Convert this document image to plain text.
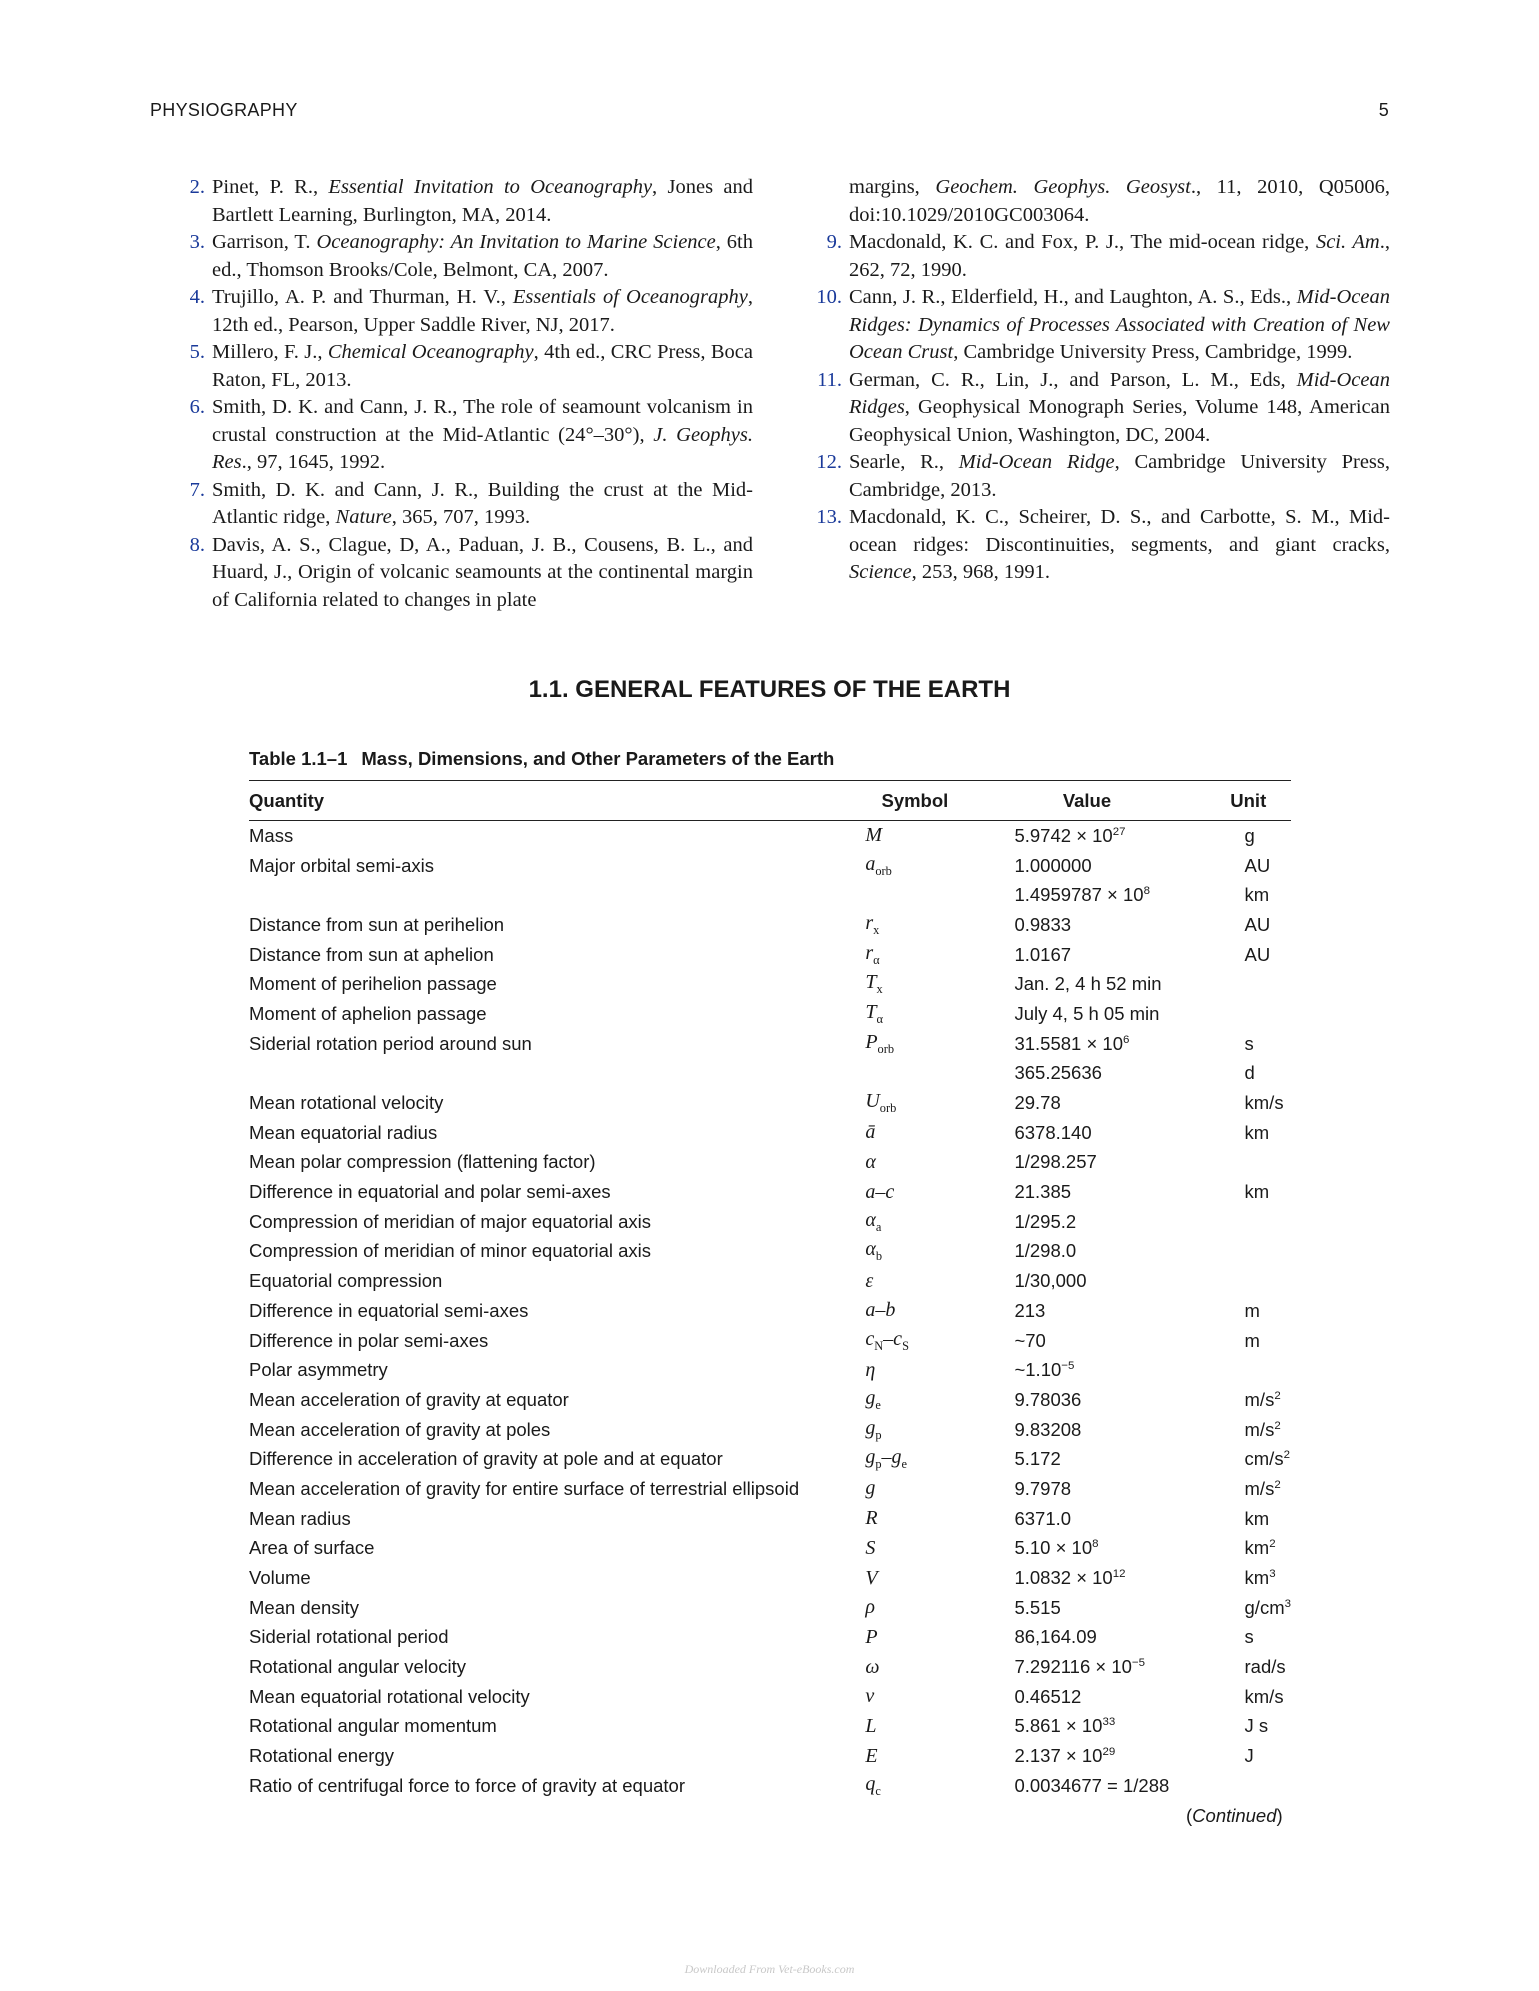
PHYSIOGRAPHY	5
2. Pinet, P. R., Essential Invitation to Oceanography, Jones and Bartlett Learning, Burlington, MA, 2014.
3. Garrison, T. Oceanography: An Invitation to Marine Science, 6th ed., Thomson Brooks/Cole, Belmont, CA, 2007.
4. Trujillo, A. P. and Thurman, H. V., Essentials of Oceanography, 12th ed., Pearson, Upper Saddle River, NJ, 2017.
5. Millero, F. J., Chemical Oceanography, 4th ed., CRC Press, Boca Raton, FL, 2013.
6. Smith, D. K. and Cann, J. R., The role of seamount volcanism in crustal construction at the Mid-Atlantic (24°–30°), J. Geophys. Res., 97, 1645, 1992.
7. Smith, D. K. and Cann, J. R., Building the crust at the Mid-Atlantic ridge, Nature, 365, 707, 1993.
8. Davis, A. S., Clague, D, A., Paduan, J. B., Cousens, B. L., and Huard, J., Origin of volcanic seamounts at the continental margin of California related to changes in plate
margins, Geochem. Geophys. Geosyst., 11, 2010, Q05006, doi:10.1029/2010GC003064.
9. Macdonald, K. C. and Fox, P. J., The mid-ocean ridge, Sci. Am., 262, 72, 1990.
10. Cann, J. R., Elderfield, H., and Laughton, A. S., Eds., Mid-Ocean Ridges: Dynamics of Processes Associated with Creation of New Ocean Crust, Cambridge University Press, Cambridge, 1999.
11. German, C. R., Lin, J., and Parson, L. M., Eds, Mid-Ocean Ridges, Geophysical Monograph Series, Volume 148, American Geophysical Union, Washington, DC, 2004.
12. Searle, R., Mid-Ocean Ridge, Cambridge University Press, Cambridge, 2013.
13. Macdonald, K. C., Scheirer, D. S., and Carbotte, S. M., Mid-ocean ridges: Discontinuities, segments, and giant cracks, Science, 253, 968, 1991.
1.1. GENERAL FEATURES OF THE EARTH
Table 1.1–1 Mass, Dimensions, and Other Parameters of the Earth
Quantity	Symbol	Value	Unit
Mass	M	$5.9742 \times 10^{27}$	g
Major orbital semi-axis	$a_{orb}$	1.000000	AU
		$1.4959787 \times 10^8$	km
Distance from sun at perihelion	$r_x$	0.9833	AU
Distance from sun at aphelion	$r_\alpha$	1.0167	AU
Moment of perihelion passage	$T_x$	Jan. 2, 4 h 52 min	
Moment of aphelion passage	$T_\alpha$	July 4, 5 h 05 min	
Siderial rotation period around sun	$P_{orb}$	$31.5581 \times 10^6$	s
		365.25636	d
Mean rotational velocity	$U_{orb}$	29.78	km/s
Mean equatorial radius	ā	6378.140	km
Mean polar compression (flattening factor)	α	1/298.257	
Difference in equatorial and polar semi-axes	a–c	21.385	km
Compression of meridian of major equatorial axis	$\alpha_a$	1/295.2	
Compression of meridian of minor equatorial axis	$\alpha_b$	1/298.0	
Equatorial compression	ε	1/30,000	
Difference in equatorial semi-axes	a–b	213	m
Difference in polar semi-axes	$c_N-c_S$	~70	m
Polar asymmetry	η	$\sim 1.10^{-5}$	
Mean acceleration of gravity at equator	$g_e$	9.78036	$m/s^2$
Mean acceleration of gravity at poles	$g_p$	9.83208	$m/s^2$
Difference in acceleration of gravity at pole and at equator	$g_p-g_e$	5.172	$cm/s^2$
Mean acceleration of gravity for entire surface of terrestrial ellipsoid	g	9.7978	$m/s^2$
Mean radius	R	6371.0	km
Area of surface	S	$5.10 \times 10^8$	$km^2$
Volume	V	$1.0832 \times 10^{12}$	$km^3$
Mean density	ρ	5.515	$g/cm^3$
Siderial rotational period	P	86,164.09	s
Rotational angular velocity	ω	$7.292116 \times 10^{-5}$	rad/s
Mean equatorial rotational velocity	v	0.46512	km/s
Rotational angular momentum	L	$5.861 \times 10^{33}$	J s
Rotational energy	E	$2.137 \times 10^{29}$	J
Ratio of centrifugal force to force of gravity at equator	$q_c$	0.0034677 = 1/288	
(Continued)
Downloaded From Vet-eBooks.com
